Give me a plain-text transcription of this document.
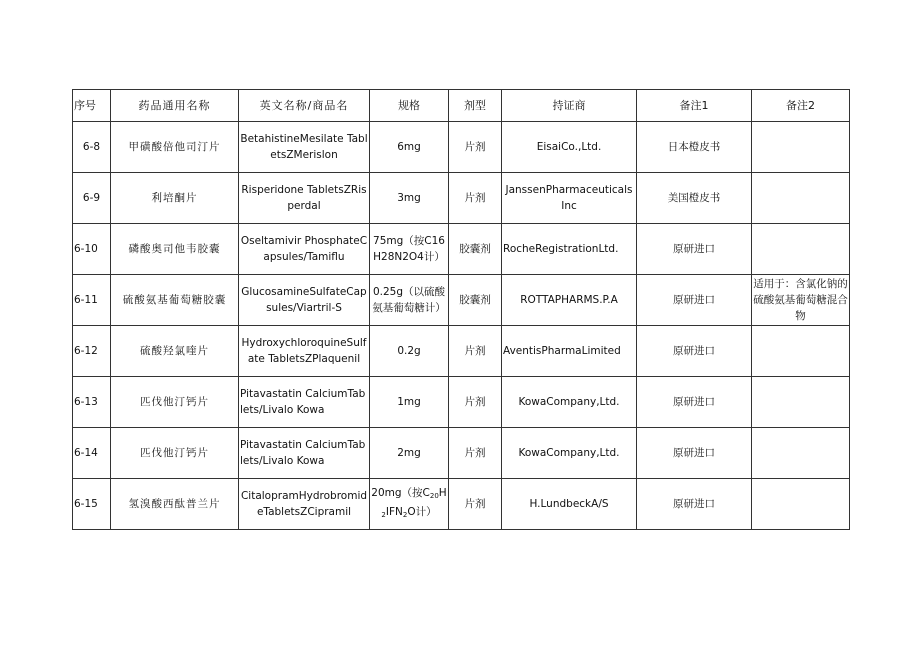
序号	药品通用名称	英文名称/商品名	规格	剂型	持证商	备注1	备注2
6-8	甲磺酸倍他司汀片	BetahistineMesilate TabletsZMerislon	6mg	片剂	EisaiCo.,Ltd.	日本橙皮书	
6-9	利培酮片	Risperidone TabletsZRisperdal	3mg	片剂	JanssenPharmaceuticals Inc	美国橙皮书	
6-10	磷酸奥司他韦胶囊	Oseltamivir PhosphateCapsules/Tamiflu	75mg（按C16H28N2O4计）	胶囊剂	RocheRegistrationLtd.	原研进口	
6-11	硫酸氨基葡萄糖胶囊	GlucosamineSulfateCapsules/Viartril-S	0.25g（以硫酸氨基葡萄糖计）	胶囊剂	ROTTAPHARMS.P.A	原研进口	适用于：含氯化钠的硫酸氨基葡萄糖混合物
6-12	硫酸羟氯喹片	HydroxychloroquineSulfate TabletsZPlaquenil	0.2g	片剂	AventisPharmaLimited	原研进口	
6-13	匹伐他汀钙片	Pitavastatin CalciumTablets/Livalo Kowa	1mg	片剂	KowaCompany,Ltd.	原研进口	
6-14	匹伐他汀钙片	Pitavastatin CalciumTablets/Livalo Kowa	2mg	片剂	KowaCompany,Ltd.	原研进口	
6-15	氢溴酸西酞普兰片	CitalopramHydrobromideTabletsZCipramil	20mg（按$C_{20}H_2IFN_2O$计）	片剂	H.LundbeckA/S	原研进口	
